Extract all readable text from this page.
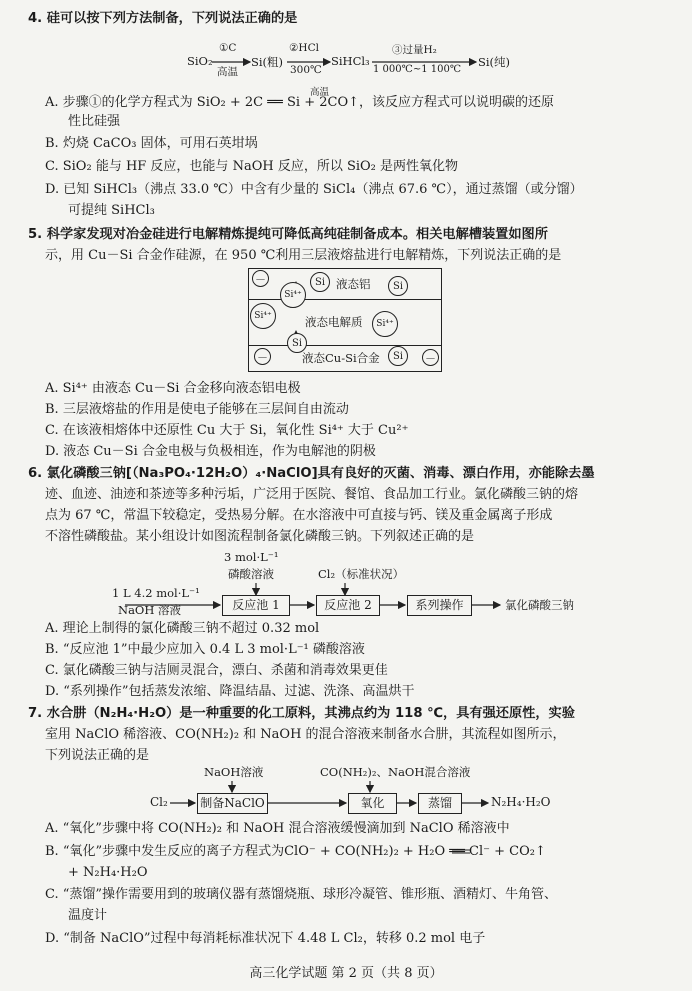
4. 硅可以按下列方法制备，下列说法正确的是
SiO₂
①C
高温
Si(粗)
②HCl
300℃
SiHCl₃
③过量H₂
1 000℃~1 100℃
Si(纯)
高温
A. 步骤①的化学方程式为 SiO₂ + 2C ══ Si + 2CO↑，该反应方程式可以说明碳的还原
性比硅强
B. 灼烧 CaCO₃ 固体，可用石英坩埚
C. SiO₂ 能与 HF 反应，也能与 NaOH 反应，所以 SiO₂ 是两性氧化物
D. 已知 SiHCl₃（沸点 33.0 ℃）中含有少量的 SiCl₄（沸点 67.6 ℃），通过蒸馏（或分馏）
可提纯 SiHCl₃
5. 科学家发现对冶金硅进行电解精炼提纯可降低高纯硅制备成本。相关电解槽装置如图所
示，用 Cu－Si 合金作硅源，在 950 ℃利用三层液熔盐进行电解精炼，下列说法正确的是
－
Si⁴⁺
Si 液态铝	Si
Si⁴⁺	液态电解质	Si⁴⁺
Si
－	液态Cu-Si合金	Si	－
A. Si⁴⁺ 由液态 Cu－Si 合金移向液态铝电极
B. 三层液熔盐的作用是使电子能够在三层间自由流动
C. 在该液相熔体中还原性 Cu 大于 Si，氧化性 Si⁴⁺ 大于 Cu²⁺
D. 液态 Cu－Si 合金电极与负极相连，作为电解池的阴极
6. 氯化磷酸三钠[（Na₃PO₄·12H₂O）₄·NaClO]具有良好的灭菌、消毒、漂白作用，亦能除去墨
迹、血迹、油迹和茶迹等多种污垢，广泛用于医院、餐馆、食品加工行业。氯化磷酸三钠的熔
点为 67 ℃，常温下较稳定，受热易分解。在水溶液中可直接与钙、镁及重金属离子形成
不溶性磷酸盐。某小组设计如图流程制备氯化磷酸三钠。下列叙述正确的是
3 mol·L⁻¹
磷酸溶液	Cl₂（标准状况）
1 L 4.2 mol·L⁻¹
NaOH 溶液	反应池 1	反应池 2	系列操作	氯化磷酸三钠
A. 理论上制得的氯化磷酸三钠不超过 0.32 mol
B. “反应池 1”中最少应加入 0.4 L 3 mol·L⁻¹ 磷酸溶液
C. 氯化磷酸三钠与洁厕灵混合，漂白、杀菌和消毒效果更佳
D. “系列操作”包括蒸发浓缩、降温结晶、过滤、洗涤、高温烘干
7. 水合肼（N₂H₄·H₂O）是一种重要的化工原料，其沸点约为 118 ℃，具有强还原性，实验
室用 NaClO 稀溶液、CO(NH₂)₂ 和 NaOH 的混合溶液来制备水合肼，其流程如图所示，
下列说法正确的是
NaOH溶液	CO(NH₂)₂、NaOH混合溶液
Cl₂	制备NaClO	氧化	蒸馏	N₂H₄·H₂O
A. “氧化”步骤中将 CO(NH₂)₂ 和 NaOH 混合溶液缓慢滴加到 NaClO 稀溶液中
B. “氧化”步骤中发生反应的离子方程式为ClO⁻ + CO(NH₂)₂ + H₂O ══ Cl⁻ + CO₂↑
+ N₂H₄·H₂O
C. “蒸馏”操作需要用到的玻璃仪器有蒸馏烧瓶、球形冷凝管、锥形瓶、酒精灯、牛角管、
温度计
D. “制备 NaClO”过程中每消耗标准状况下 4.48 L Cl₂，转移 0.2 mol 电子
高三化学试题 第 2 页（共 8 页）
